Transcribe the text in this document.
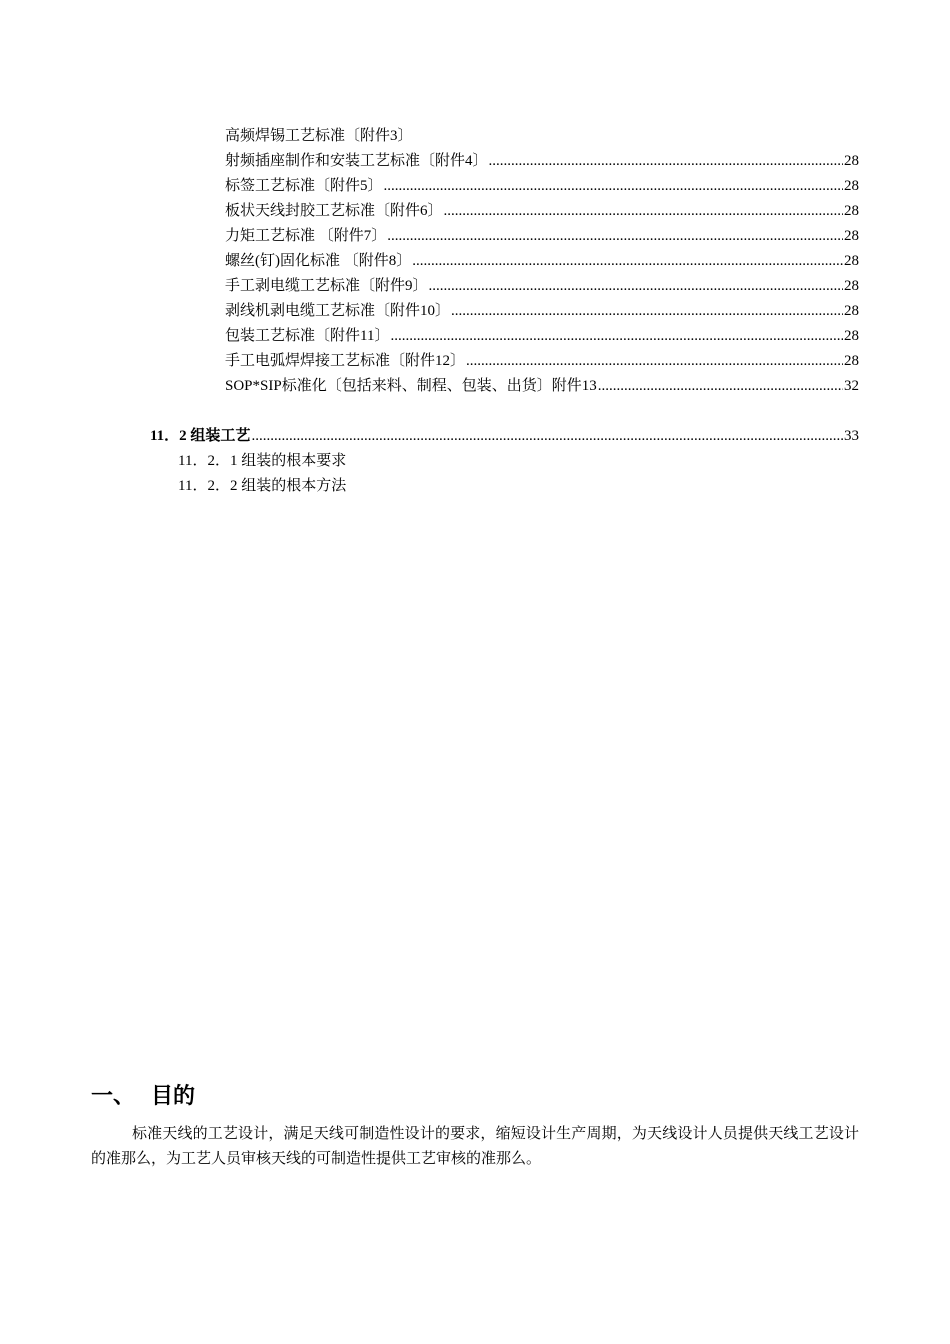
高频焊锡工艺标准〔附件3〕
射频插座制作和安装工艺标准〔附件4〕 .....	28
标签工艺标准〔附件5〕 .....	28
板状天线封胶工艺标准〔附件6〕 .....	28
力矩工艺标准 〔附件7〕 .....	28
螺丝(钉)固化标准 〔附件8〕 .....	28
手工剥电缆工艺标准〔附件9〕 .....	28
剥线机剥电缆工艺标准〔附件10〕 .....	28
包装工艺标准〔附件11〕 .....	28
手工电弧焊焊接工艺标准〔附件12〕 .....	28
SOP*SIP标准化〔包括来料、制程、包装、出货〕附件13 .....	32
11．2 组装工艺 .....	33
11．2．1 组装的根本要求
11．2．2 组装的根本方法
一、 目的
标准天线的工艺设计，满足天线可制造性设计的要求，缩短设计生产周期，为天线设计人员提供天线工艺设计的准那么，为工艺人员审核天线的可制造性提供工艺审核的准那么。
